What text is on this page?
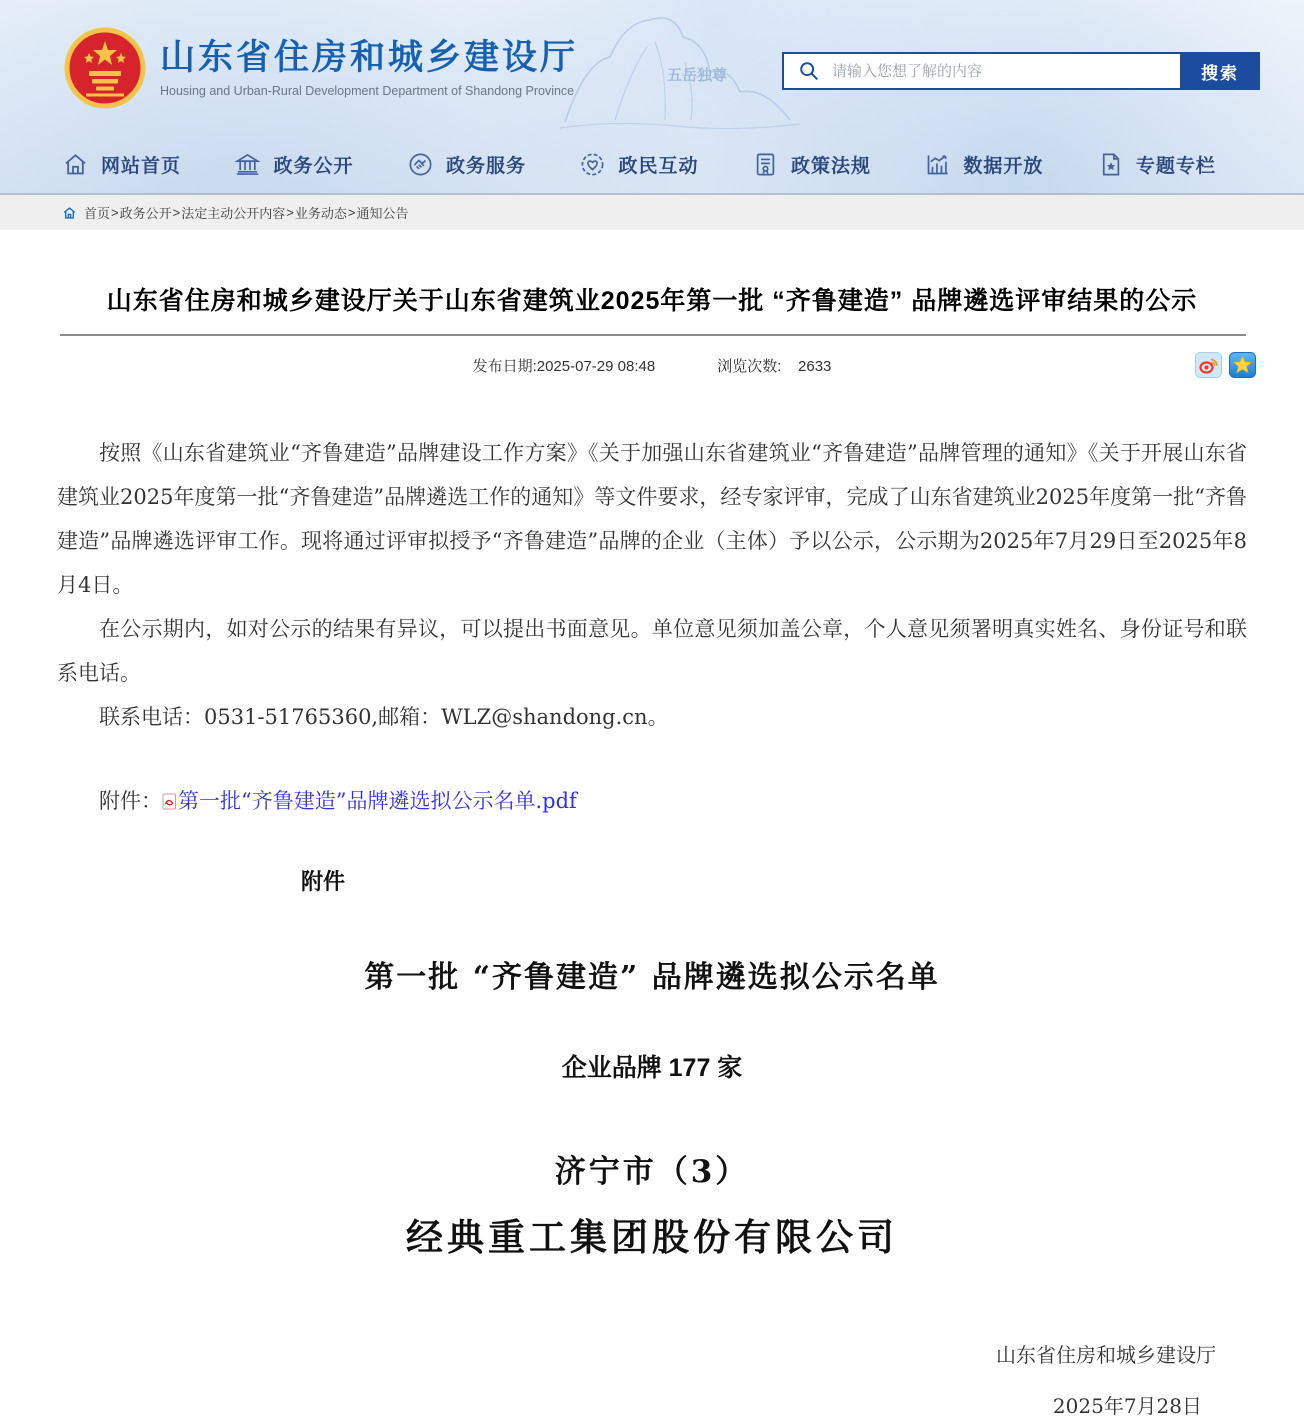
五岳独尊
山东省住房和城乡建设厅
Housing and Urban-Rural Development Department of Shandong Province
请输入您想了解的内容
搜索
网站首页	政务公开	政务服务	政民互动	政策法规	数据开放	专题专栏
首页 > 政务公开 > 法定主动公开内容 > 业务动态 > 通知公告
山东省住房和城乡建设厅关于山东省建筑业2025年第一批 “齐鲁建造” 品牌遴选评审结果的公示
发布日期:2025-07-29 08:48	浏览次数: 2633

按照《山东省建筑业“齐鲁建造”品牌建设工作方案》《关于加强山东省建筑业“齐鲁建造”品牌管理的通知》《关于开展山东省建筑业2025年度第一批“齐鲁建造”品牌遴选工作的通知》等文件要求，经专家评审，完成了山东省建筑业2025年度第一批“齐鲁建造”品牌遴选评审工作。现将通过评审拟授予“齐鲁建造”品牌的企业（主体）予以公示，公示期为2025年7月29日至2025年8月4日。

在公示期内，如对公示的结果有异议，可以提出书面意见。单位意见须加盖公章，个人意见须署明真实姓名、身份证号和联系电话。

联系电话：0531-51765360,邮箱：WLZ@shandong.cn。

附件： 第一批“齐鲁建造”品牌遴选拟公示名单.pdf
附件
第一批 “齐鲁建造” 品牌遴选拟公示名单
企业品牌 177 家
济宁市（3）
经典重工集团股份有限公司
山东省住房和城乡建设厅
2025年7月28日
